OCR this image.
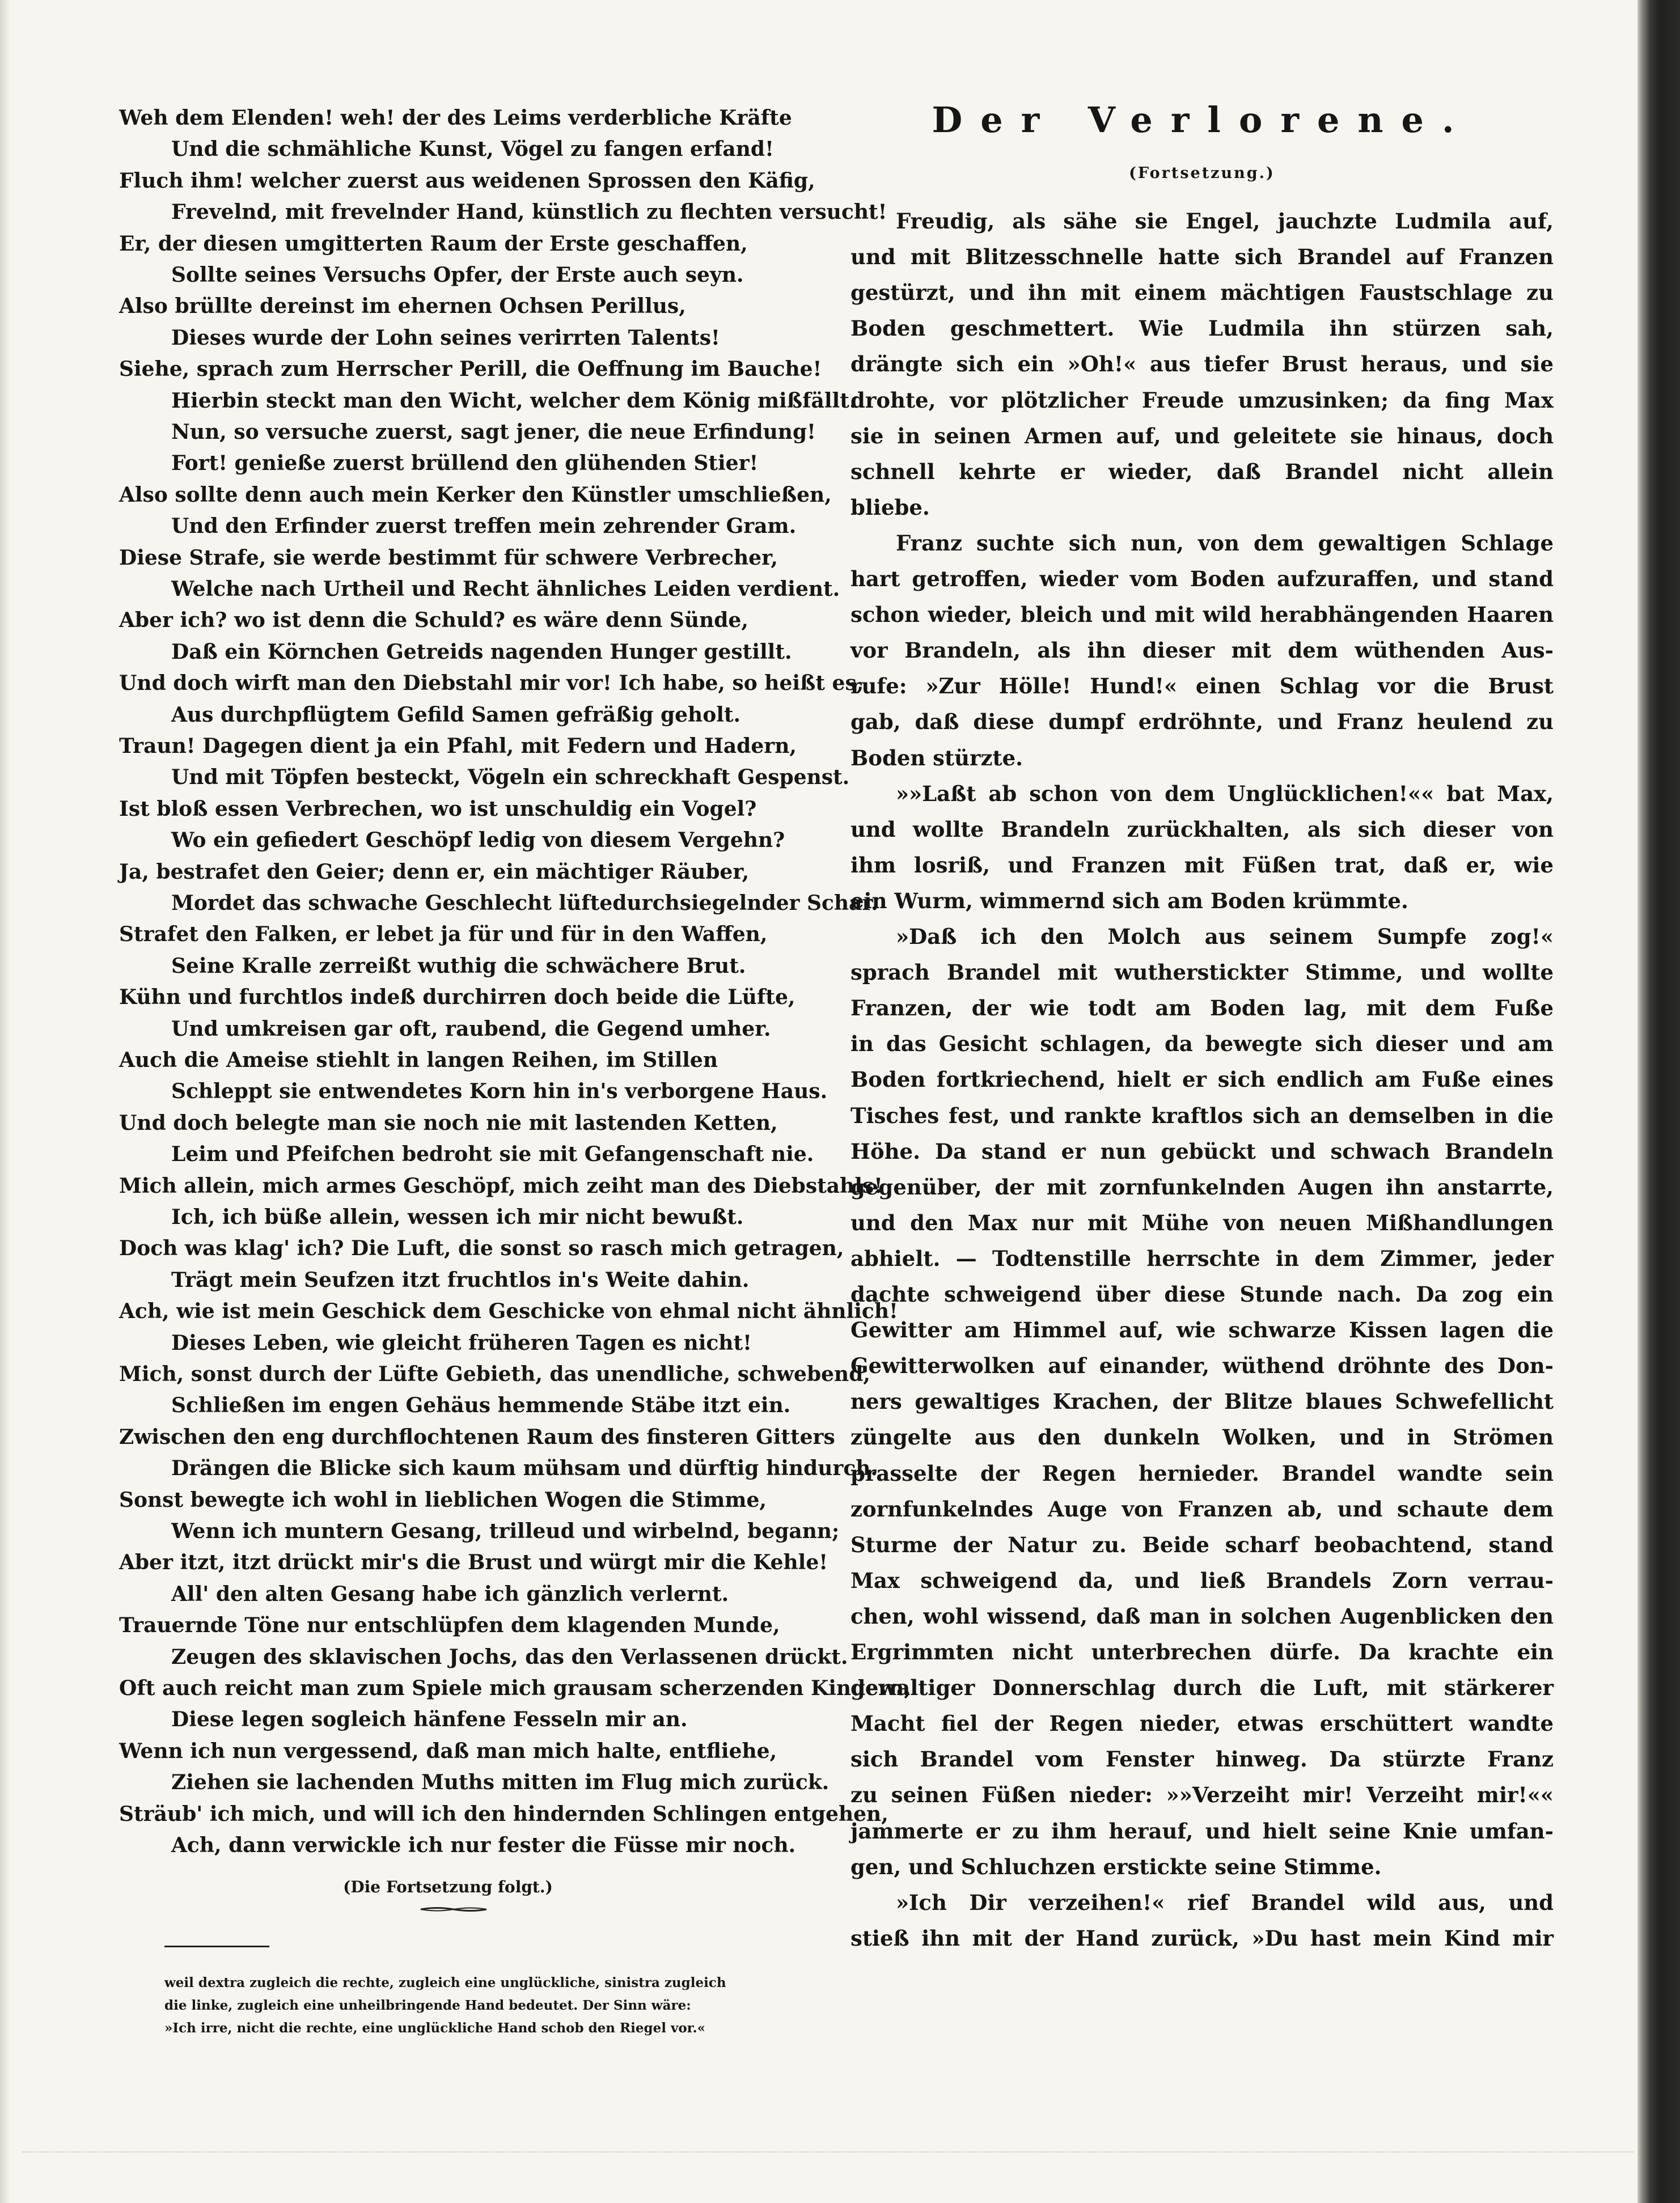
Weh dem Elenden! weh! der des Leims verderbliche Kräfte
Und die schmähliche Kunst, Vögel zu fangen erfand!
Fluch ihm! welcher zuerst aus weidenen Sprossen den Käfig,
Frevelnd, mit frevelnder Hand, künstlich zu flechten versucht!
Er, der diesen umgitterten Raum der Erste geschaffen,
Sollte seines Versuchs Opfer, der Erste auch seyn.
Also brüllte dereinst im ehernen Ochsen Perillus,
Dieses wurde der Lohn seines verirrten Talents!
Siehe, sprach zum Herrscher Perill, die Oeffnung im Bauche!
Hierbin steckt man den Wicht, welcher dem König mißfällt.
Nun, so versuche zuerst, sagt jener, die neue Erfindung!
Fort! genieße zuerst brüllend den glühenden Stier!
Also sollte denn auch mein Kerker den Künstler umschließen,
Und den Erfinder zuerst treffen mein zehrender Gram.
Diese Strafe, sie werde bestimmt für schwere Verbrecher,
Welche nach Urtheil und Recht ähnliches Leiden verdient.
Aber ich? wo ist denn die Schuld? es wäre denn Sünde,
Daß ein Körnchen Getreids nagenden Hunger gestillt.
Und doch wirft man den Diebstahl mir vor! Ich habe, so heißt es,
Aus durchpflügtem Gefild Samen gefräßig geholt.
Traun! Dagegen dient ja ein Pfahl, mit Federn und Hadern,
Und mit Töpfen besteckt, Vögeln ein schreckhaft Gespenst.
Ist bloß essen Verbrechen, wo ist unschuldig ein Vogel?
Wo ein gefiedert Geschöpf ledig von diesem Vergehn?
Ja, bestrafet den Geier; denn er, ein mächtiger Räuber,
Mordet das schwache Geschlecht lüftedurchsiegelnder Schar.
Strafet den Falken, er lebet ja für und für in den Waffen,
Seine Kralle zerreißt wuthig die schwächere Brut.
Kühn und furchtlos indeß durchirren doch beide die Lüfte,
Und umkreisen gar oft, raubend, die Gegend umher.
Auch die Ameise stiehlt in langen Reihen, im Stillen
Schleppt sie entwendetes Korn hin in's verborgene Haus.
Und doch belegte man sie noch nie mit lastenden Ketten,
Leim und Pfeifchen bedroht sie mit Gefangenschaft nie.
Mich allein, mich armes Geschöpf, mich zeiht man des Diebstahls!
Ich, ich büße allein, wessen ich mir nicht bewußt.
Doch was klag' ich? Die Luft, die sonst so rasch mich getragen,
Trägt mein Seufzen itzt fruchtlos in's Weite dahin.
Ach, wie ist mein Geschick dem Geschicke von ehmal nicht ähnlich!
Dieses Leben, wie gleicht früheren Tagen es nicht!
Mich, sonst durch der Lüfte Gebieth, das unendliche, schwebend,
Schließen im engen Gehäus hemmende Stäbe itzt ein.
Zwischen den eng durchflochtenen Raum des finsteren Gitters
Drängen die Blicke sich kaum mühsam und dürftig hindurch.
Sonst bewegte ich wohl in lieblichen Wogen die Stimme,
Wenn ich muntern Gesang, trilleud und wirbelnd, begann;
Aber itzt, itzt drückt mir's die Brust und würgt mir die Kehle!
All' den alten Gesang habe ich gänzlich verlernt.
Trauernde Töne nur entschlüpfen dem klagenden Munde,
Zeugen des sklavischen Jochs, das den Verlassenen drückt.
Oft auch reicht man zum Spiele mich grausam scherzenden Kindern,
Diese legen sogleich hänfene Fesseln mir an.
Wenn ich nun vergessend, daß man mich halte, entfliehe,
Ziehen sie lachenden Muths mitten im Flug mich zurück.
Sträub' ich mich, und will ich den hindernden Schlingen entgehen,
Ach, dann verwickle ich nur fester die Füsse mir noch.
(Die Fortsetzung folgt.)
weil dextra zugleich die rechte, zugleich eine unglückliche, sinistra zugleich
die linke, zugleich eine unheilbringende Hand bedeutet. Der Sinn wäre:
»Ich irre, nicht die rechte, eine unglückliche Hand schob den Riegel vor.«
Der Verlorene.
(Fortsetzung.)
Freudig, als sähe sie Engel, jauchzte Ludmila auf,
und mit Blitzesschnelle hatte sich Brandel auf Franzen
gestürzt, und ihn mit einem mächtigen Faustschlage zu
Boden geschmettert. Wie Ludmila ihn stürzen sah,
drängte sich ein »Oh!« aus tiefer Brust heraus, und sie
drohte, vor plötzlicher Freude umzusinken; da fing Max
sie in seinen Armen auf, und geleitete sie hinaus, doch
schnell kehrte er wieder, daß Brandel nicht allein
bliebe.
Franz suchte sich nun, von dem gewaltigen Schlage
hart getroffen, wieder vom Boden aufzuraffen, und stand
schon wieder, bleich und mit wild herabhängenden Haaren
vor Brandeln, als ihn dieser mit dem wüthenden Aus-
rufe: »Zur Hölle! Hund!« einen Schlag vor die Brust
gab, daß diese dumpf erdröhnte, und Franz heulend zu
Boden stürzte.
»»Laßt ab schon von dem Unglücklichen!«« bat Max,
und wollte Brandeln zurückhalten, als sich dieser von
ihm losriß, und Franzen mit Füßen trat, daß er, wie
ein Wurm, wimmernd sich am Boden krümmte.
»Daß ich den Molch aus seinem Sumpfe zog!«
sprach Brandel mit wutherstickter Stimme, und wollte
Franzen, der wie todt am Boden lag, mit dem Fuße
in das Gesicht schlagen, da bewegte sich dieser und am
Boden fortkriechend, hielt er sich endlich am Fuße eines
Tisches fest, und rankte kraftlos sich an demselben in die
Höhe. Da stand er nun gebückt und schwach Brandeln
gegenüber, der mit zornfunkelnden Augen ihn anstarrte,
und den Max nur mit Mühe von neuen Mißhandlungen
abhielt. — Todtenstille herrschte in dem Zimmer, jeder
dachte schweigend über diese Stunde nach. Da zog ein
Gewitter am Himmel auf, wie schwarze Kissen lagen die
Gewitterwolken auf einander, wüthend dröhnte des Don-
ners gewaltiges Krachen, der Blitze blaues Schwefellicht
züngelte aus den dunkeln Wolken, und in Strömen
prasselte der Regen hernieder. Brandel wandte sein
zornfunkelndes Auge von Franzen ab, und schaute dem
Sturme der Natur zu. Beide scharf beobachtend, stand
Max schweigend da, und ließ Brandels Zorn verrau-
chen, wohl wissend, daß man in solchen Augenblicken den
Ergrimmten nicht unterbrechen dürfe. Da krachte ein
gewaltiger Donnerschlag durch die Luft, mit stärkerer
Macht fiel der Regen nieder, etwas erschüttert wandte
sich Brandel vom Fenster hinweg. Da stürzte Franz
zu seinen Füßen nieder: »»Verzeiht mir! Verzeiht mir!««
jammerte er zu ihm herauf, und hielt seine Knie umfan-
gen, und Schluchzen erstickte seine Stimme.
»Ich Dir verzeihen!« rief Brandel wild aus, und
stieß ihn mit der Hand zurück, »Du hast mein Kind mir
